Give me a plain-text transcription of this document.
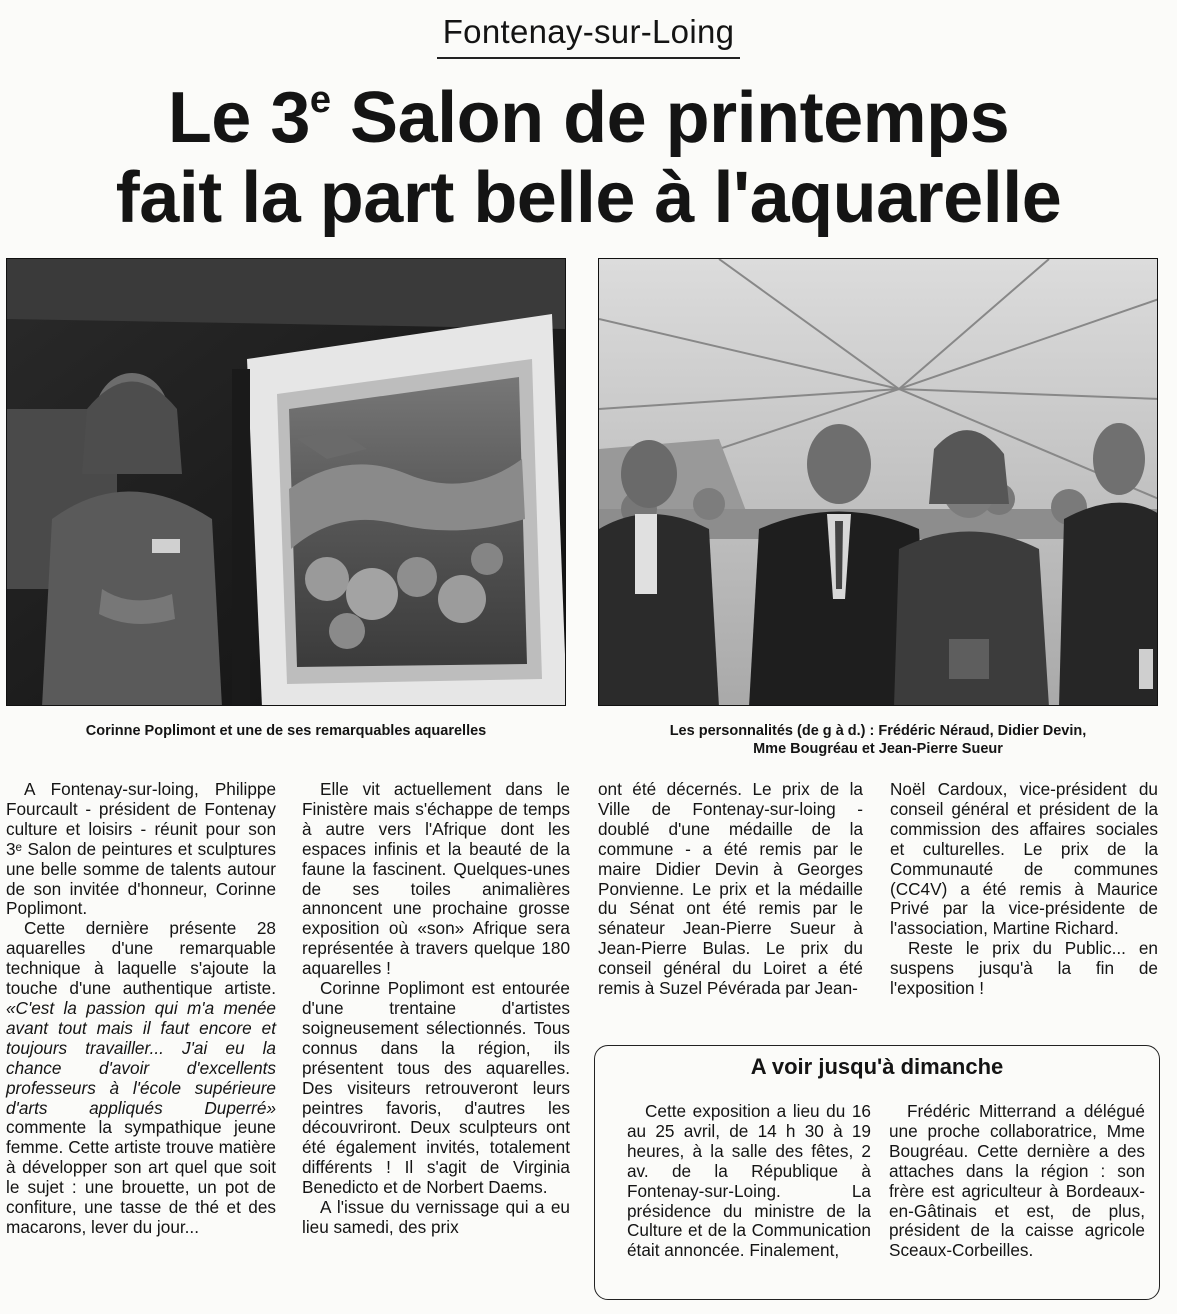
Fontenay-sur-Loing
Le 3e Salon de printemps
fait la part belle à l'aquarelle
Corinne Poplimont et une de ses remarquables aquarelles	Les personnalités (de g à d.) : Frédéric Néraud, Didier Devin,
Mme Bougréau et Jean-Pierre Sueur

A Fontenay-sur-loing, Philippe Fourcault - président de Fontenay culture et loisirs - réunit pour son 3ᵉ Salon de peintures et sculptures une belle somme de talents autour de son invitée d'honneur, Corinne Poplimont.

Cette dernière présente 28 aquarelles d'une remarquable technique à laquelle s'ajoute la touche d'une authentique artiste. «C'est la passion qui m'a menée avant tout mais il faut encore et toujours travailler... J'ai eu la chance d'avoir d'excellents professeurs à l'école supérieure d'arts appliqués Duperré» commente la sympathique jeune femme. Cette artiste trouve matière à développer son art quel que soit le sujet : une brouette, un pot de confiture, une tasse de thé et des macarons, lever du jour...

Elle vit actuellement dans le Finistère mais s'échappe de temps à autre vers l'Afrique dont les espaces infinis et la beauté de la faune la fascinent. Quelques-unes de ses toiles animalières annoncent une prochaine grosse exposition où «son» Afrique sera représentée à travers quelque 180 aquarelles !

Corinne Poplimont est entourée d'une trentaine d'artistes soigneusement sélectionnés. Tous connus dans la région, ils présentent tous des aquarelles. Des visiteurs retrouveront leurs peintres favoris, d'autres les découvriront. Deux sculpteurs ont été également invités, totalement différents ! Il s'agit de Virginia Benedicto et de Norbert Daems.

A l'issue du vernissage qui a eu lieu samedi, des prix

ont été décernés. Le prix de la Ville de Fontenay-sur-loing - doublé d'une médaille de la commune - a été remis par le maire Didier Devin à Georges Ponvienne. Le prix et la médaille du Sénat ont été remis par le sénateur Jean-Pierre Sueur à Jean-Pierre Bulas. Le prix du conseil général du Loiret a été remis à Suzel Pévérada par Jean-

Noël Cardoux, vice-président du conseil général et président de la commission des affaires sociales et culturelles. Le prix de la Communauté de communes (CC4V) a été remis à Maurice Privé par la vice-présidente de l'association, Martine Richard.

Reste le prix du Public... en suspens jusqu'à la fin de l'exposition !

A voir jusqu'à dimanche

Cette exposition a lieu du 16 au 25 avril, de 14 h 30 à 19 heures, à la salle des fêtes, 2 av. de la République à Fontenay-sur-Loing. La présidence du ministre de la Culture et de la Communication était annoncée. Finalement,

Frédéric Mitterrand a délégué une proche collaboratrice, Mme Bougréau. Cette dernière a des attaches dans la région : son frère est agriculteur à Bordeaux-en-Gâtinais et est, de plus, président de la caisse agricole Sceaux-Corbeilles.
